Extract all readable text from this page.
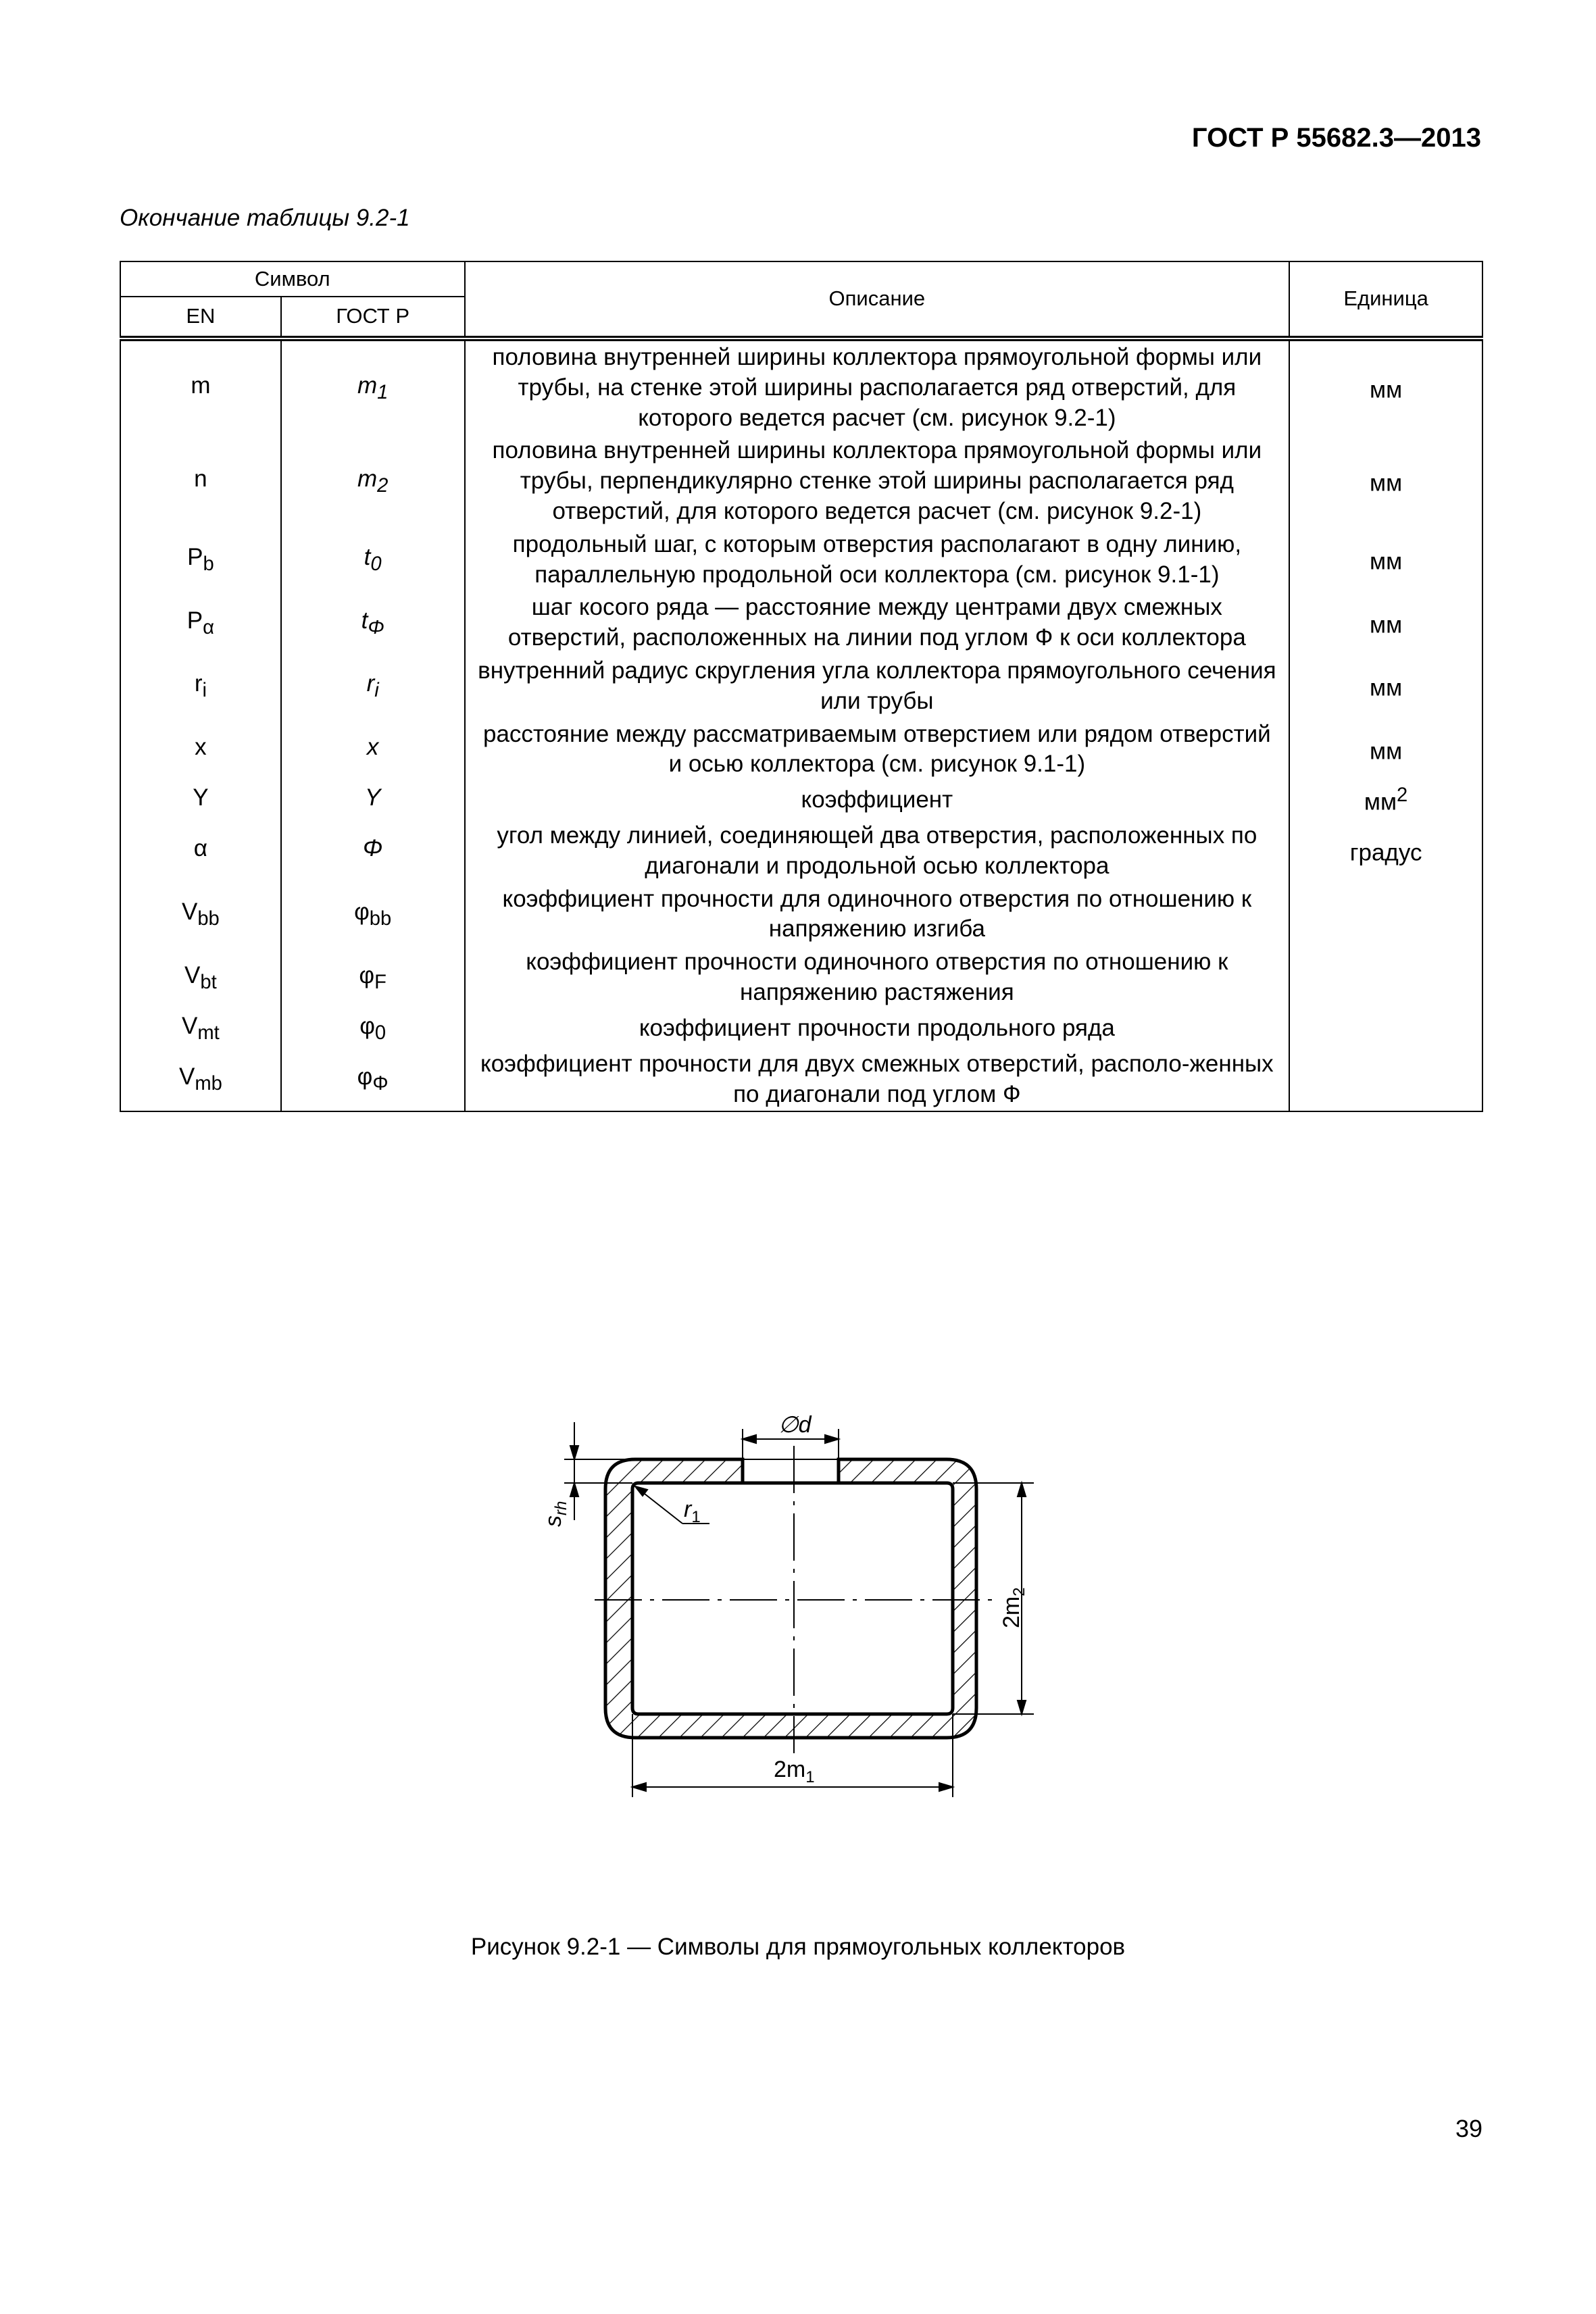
ГОСТ Р 55682.3—2013
Окончание таблицы 9.2-1
Символ		Описание	Единица
EN	ГОСТ Р		
m	$m_1$	половина внутренней ширины коллектора прямоугольной формы или трубы, на стенке этой ширины располагается ряд отверстий, для которого ведется расчет (см. рисунок 9.2-1)	мм
n	$m_2$	половина внутренней ширины коллектора прямоугольной формы или трубы, перпендикулярно стенке этой ширины располагается ряд отверстий, для которого ведется расчет (см. рисунок 9.2-1)	мм
$P_b$	$t_0$	продольный шаг, с которым отверстия располагают в одну линию, параллельную продольной оси коллектора (см. рисунок 9.1-1)	мм
$P_\alpha$	$t_\Phi$	шаг косого ряда — расстояние между центрами двух смежных отверстий, расположенных на линии под углом Ф к оси коллектора	мм
$r_i$	$r_i$	внутренний радиус скругления угла коллектора прямоугольного сечения или трубы	мм
x	x	расстояние между рассматриваемым отверстием или рядом отверстий и осью коллектора (см. рисунок 9.1-1)	мм
Y	Y	коэффициент	$мм^2$
α	Φ	угол между линией, соединяющей два отверстия, расположенных по диагонали и продольной осью коллектора	градус
$V_{bb}$	$\varphi_{bb}$	коэффициент прочности для одиночного отверстия по отношению к напряжению изгиба	
$V_{bt}$	$\varphi_F$	коэффициент прочности одиночного отверстия по отношению к напряжению растяжения	
$V_{mt}$	$\varphi_0$	коэффициент прочности продольного ряда	
$V_{mb}$	$\varphi_\Phi$	коэффициент прочности для двух смежных отверстий, располо-женных по диагонали под углом Ф	
∅d
$s_{rh}$	$r_1$
$2m_2$
$2m_1$
Рисунок 9.2-1 — Символы для прямоугольных коллекторов
39
